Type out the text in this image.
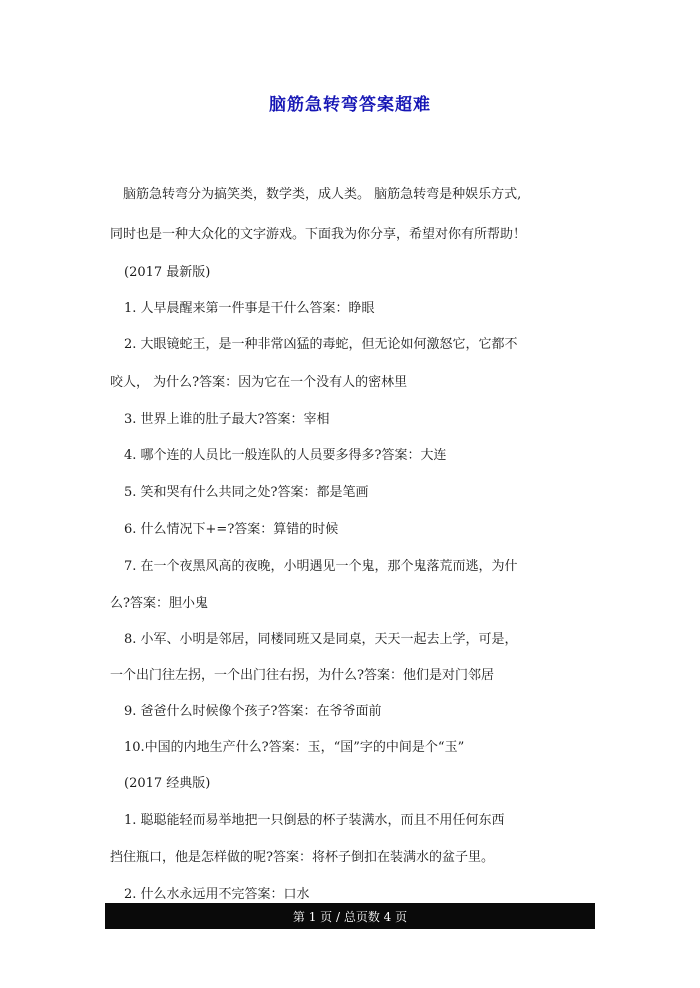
脑筋急转弯答案超难
脑筋急转弯分为搞笑类，数学类，成人类。 脑筋急转弯是种娱乐方式,
同时也是一种大众化的文字游戏。下面我为你分享，希望对你有所帮助！
(2017 最新版)
1. 人早晨醒来第一件事是干什么答案：睁眼
2. 大眼镜蛇王，是一种非常凶猛的毒蛇，但无论如何激怒它，它都不
咬人， 为什么?答案：因为它在一个没有人的密林里
3. 世界上谁的肚子最大?答案：宰相
4. 哪个连的人员比一般连队的人员要多得多?答案：大连
5. 笑和哭有什么共同之处?答案：都是笔画
6. 什么情况下+=?答案：算错的时候
7. 在一个夜黑风高的夜晚，小明遇见一个鬼，那个鬼落荒而逃，为什
么?答案：胆小鬼
8. 小军、小明是邻居，同楼同班又是同桌，天天一起去上学，可是，
一个出门往左拐，一个出门往右拐，为什么?答案：他们是对门邻居
9. 爸爸什么时候像个孩子?答案：在爷爷面前
10.中国的内地生产什么?答案：玉，“国”字的中间是个“玉”
(2017 经典版)
1. 聪聪能轻而易举地把一只倒悬的杯子装满水，而且不用任何东西
挡住瓶口，他是怎样做的呢?答案：将杯子倒扣在装满水的盆子里。
2. 什么水永远用不完答案：口水
第 1 页 / 总页数 4 页
